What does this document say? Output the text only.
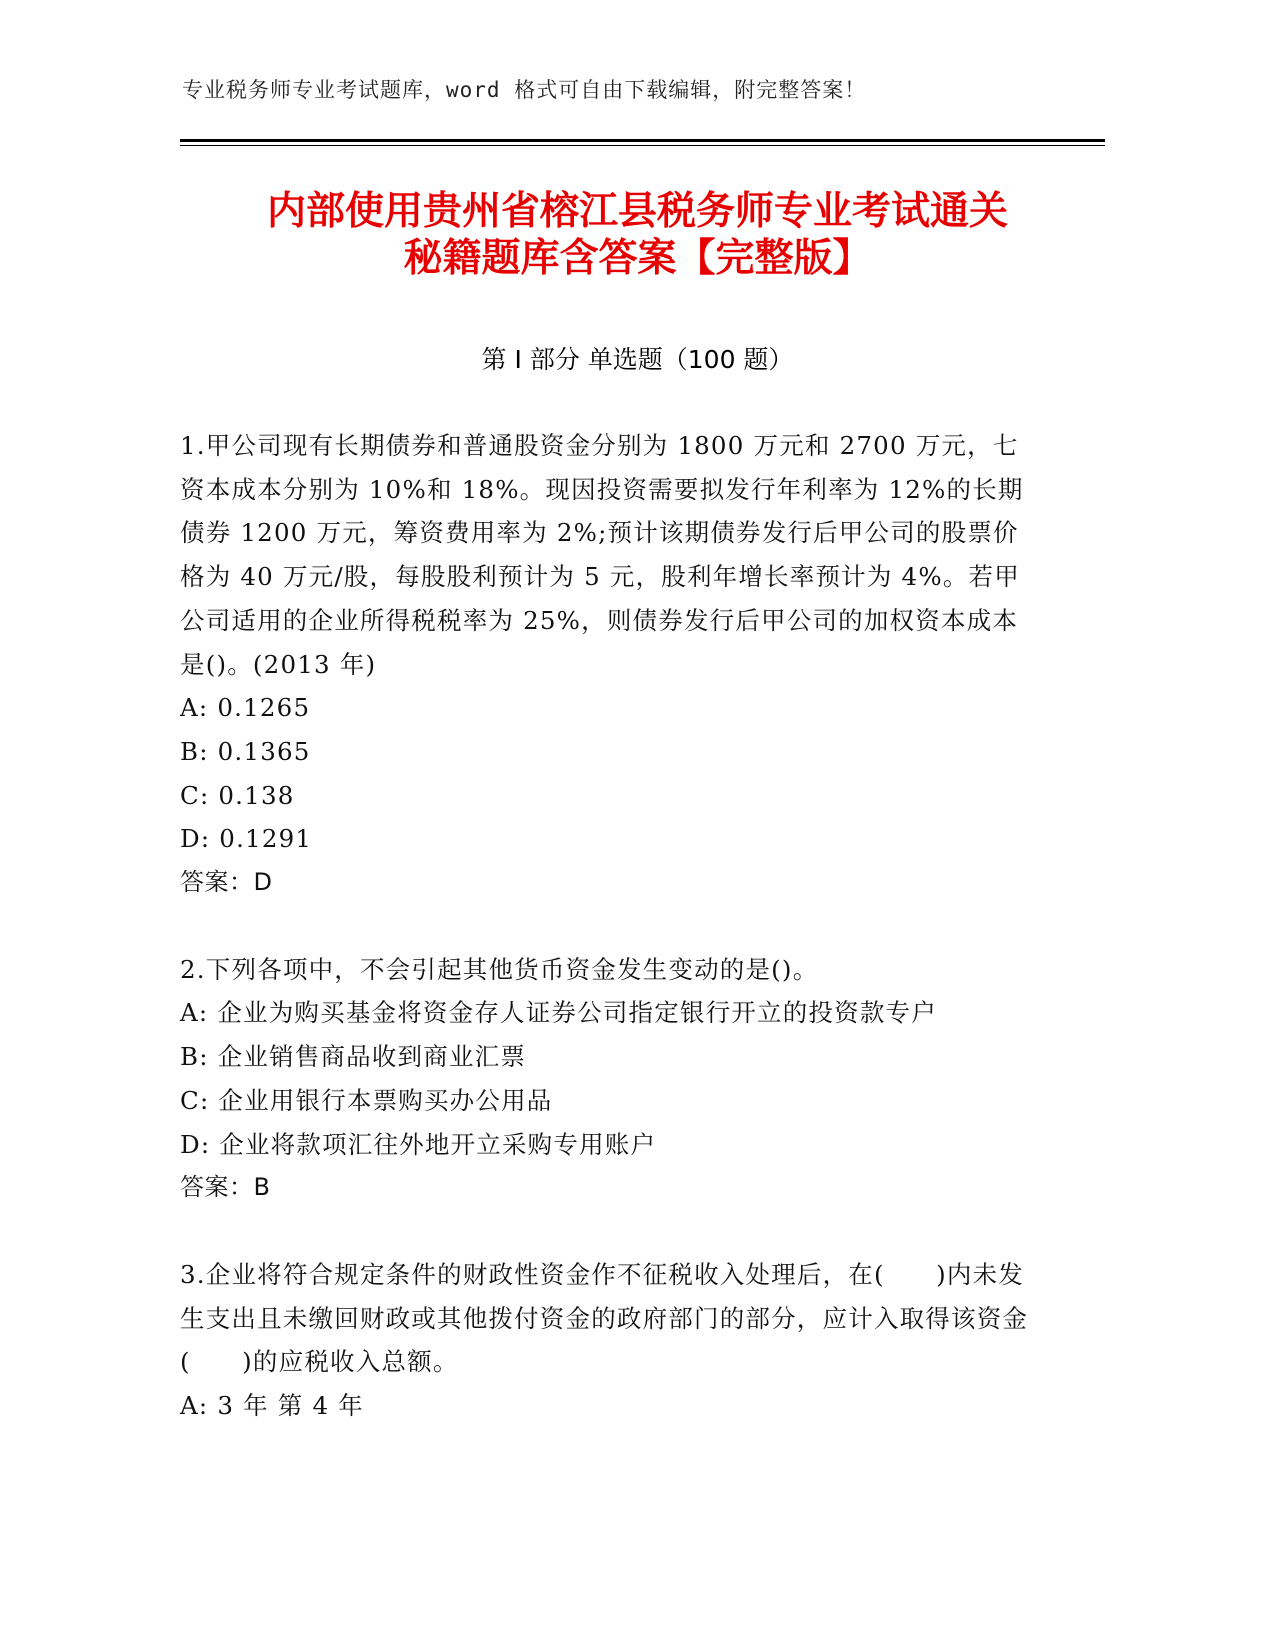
专业税务师专业考试题库，word 格式可自由下载编辑，附完整答案！
内部使用贵州省榕江县税务师专业考试通关
秘籍题库含答案【完整版】
第 I 部分 单选题（100 题）

1.甲公司现有长期债券和普通股资金分别为 1800 万元和 2700 万元，七资本成本分别为 10%和 18%。现因投资需要拟发行年利率为 12%的长期债券 1200 万元，筹资费用率为 2%;预计该期债券发行后甲公司的股票价格为 40 万元/股，每股股利预计为 5 元，股利年增长率预计为 4%。若甲公司适用的企业所得税税率为 25%，则债券发行后甲公司的加权资本成本是()。(2013 年)

A: 0.1265

B: 0.1365

C: 0.138

D: 0.1291

答案：D

2.下列各项中，不会引起其他货币资金发生变动的是()。

A: 企业为购买基金将资金存人证券公司指定银行开立的投资款专户

B: 企业销售商品收到商业汇票

C: 企业用银行本票购买办公用品

D: 企业将款项汇往外地开立采购专用账户

答案：B

3.企业将符合规定条件的财政性资金作不征税收入处理后，在(　　)内未发生支出且未缴回财政或其他拨付资金的政府部门的部分，应计入取得该资金(　　)的应税收入总额。

A: 3 年 第 4 年
